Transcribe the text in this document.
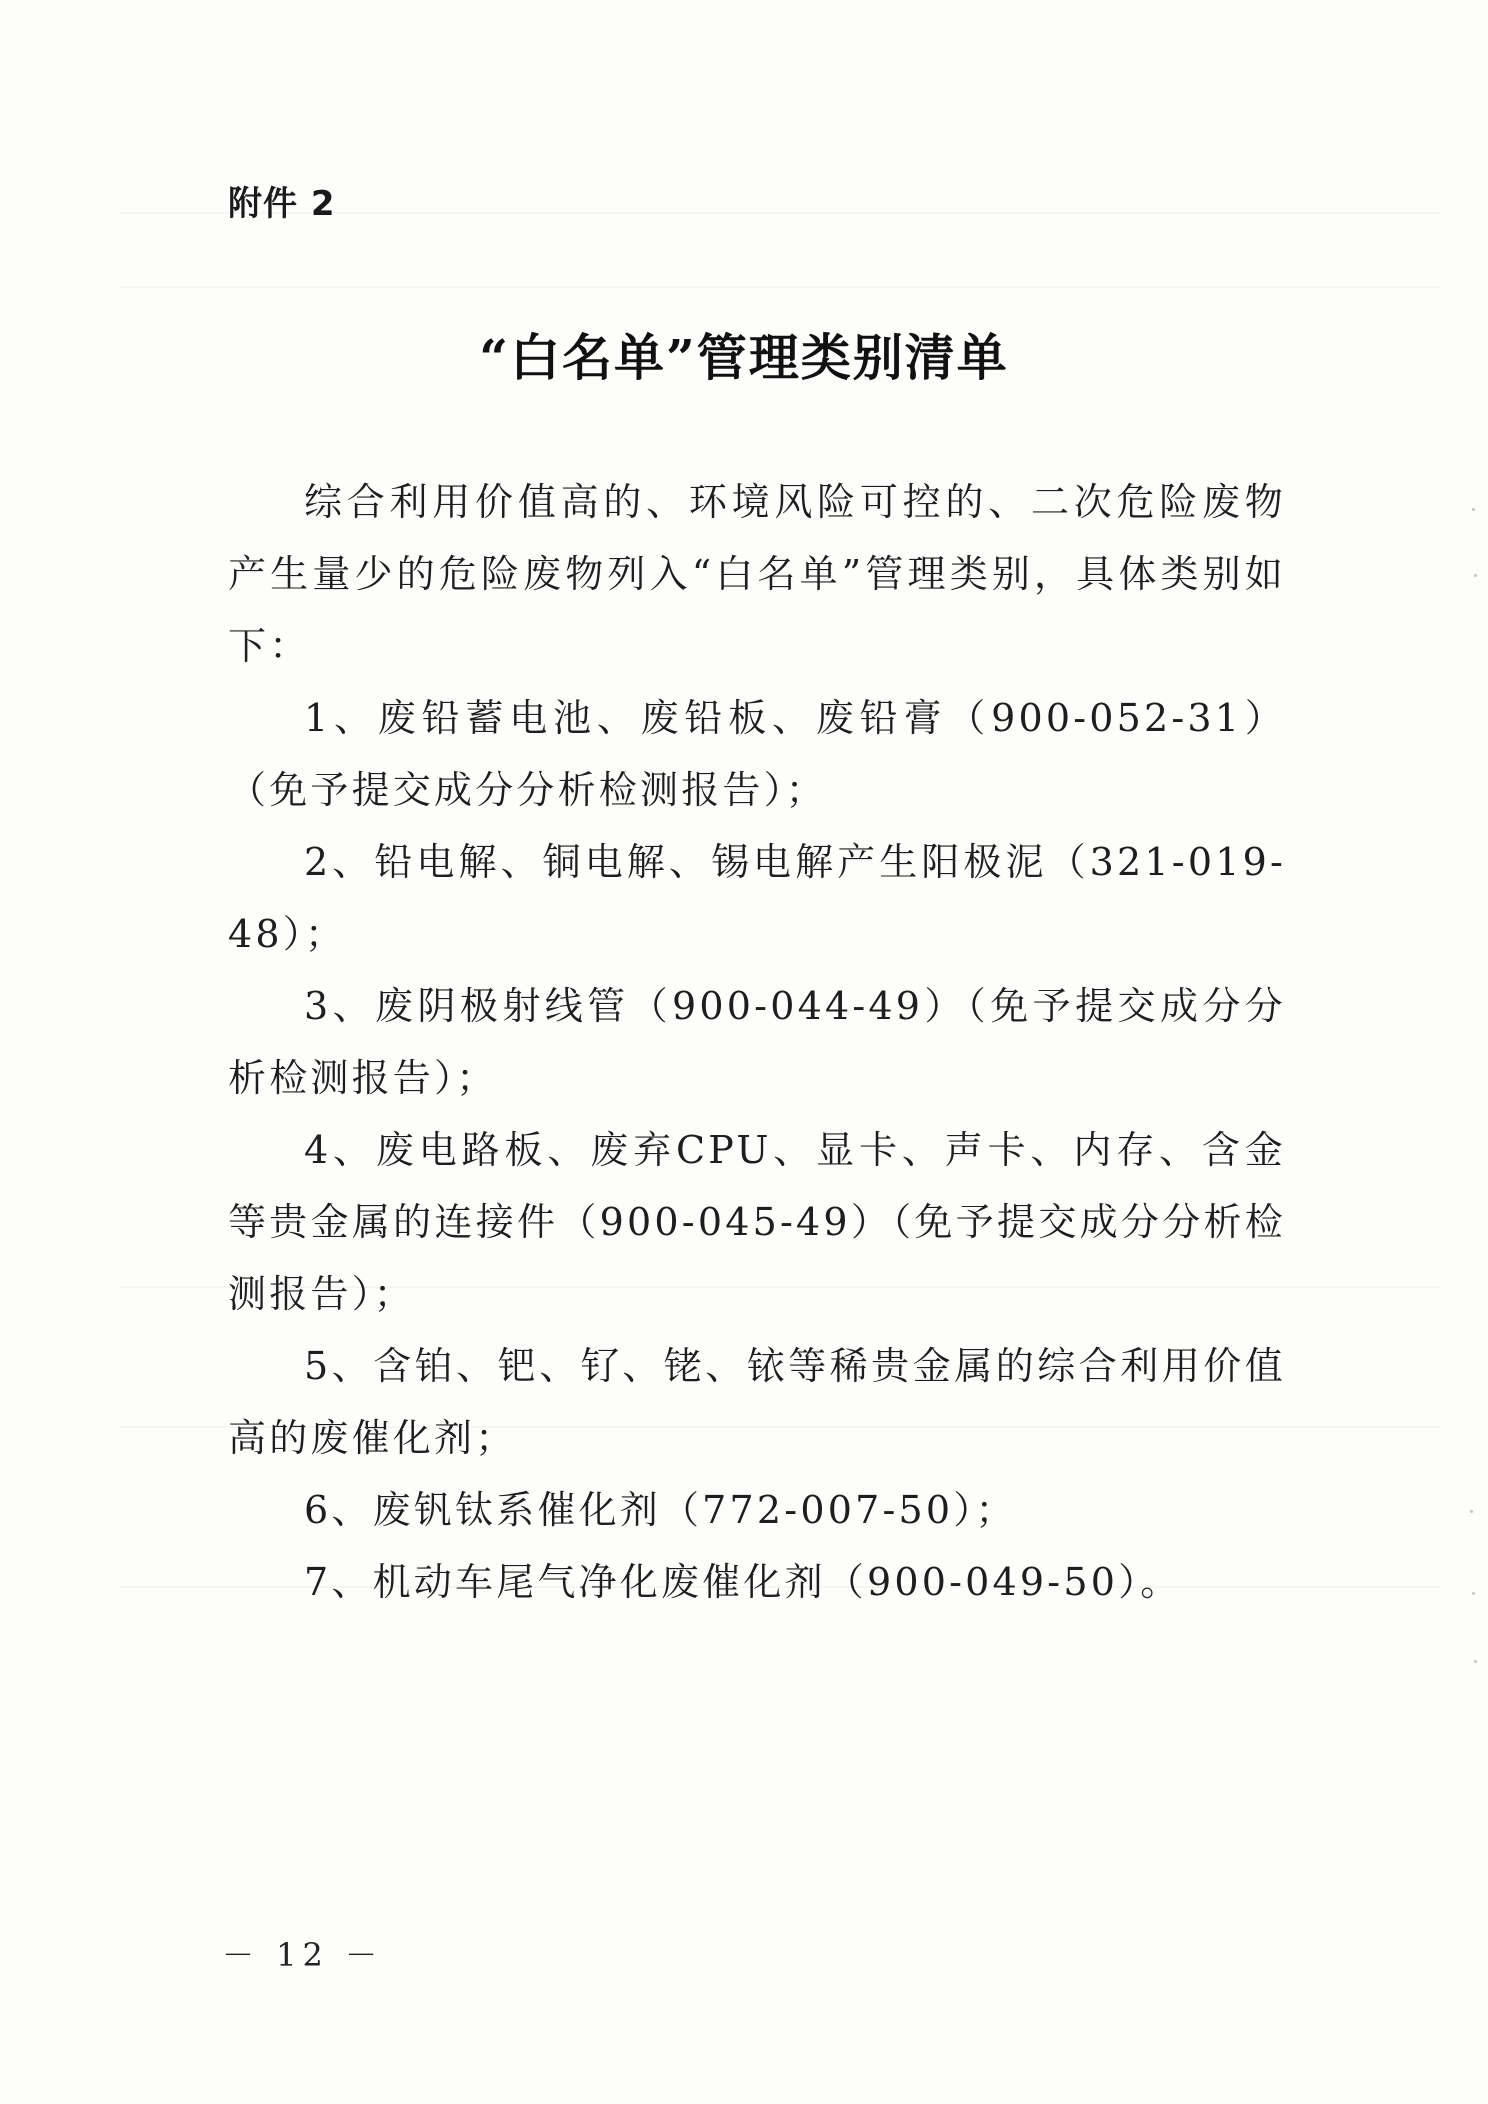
附件 2
“白名单”管理类别清单

综合利用价值高的、环境风险可控的、二次危险废物产生量少的危险废物列入“白名单”管理类别，具体类别如下：

1、废铅蓄电池、废铅板、废铅膏（900-052-31）（免予提交成分分析检测报告）；

2、铅电解、铜电解、锡电解产生阳极泥（321-019-48）；

3、废阴极射线管（900-044-49）（免予提交成分分析检测报告）；

4、废电路板、废弃CPU、显卡、声卡、内存、含金等贵金属的连接件（900-045-49）（免予提交成分分析检测报告）；

5、含铂、钯、钌、铑、铱等稀贵金属的综合利用价值高的废催化剂；

6、废钒钛系催化剂（772-007-50）；

7、机动车尾气净化废催化剂（900-049-50）。

－ 12 －
